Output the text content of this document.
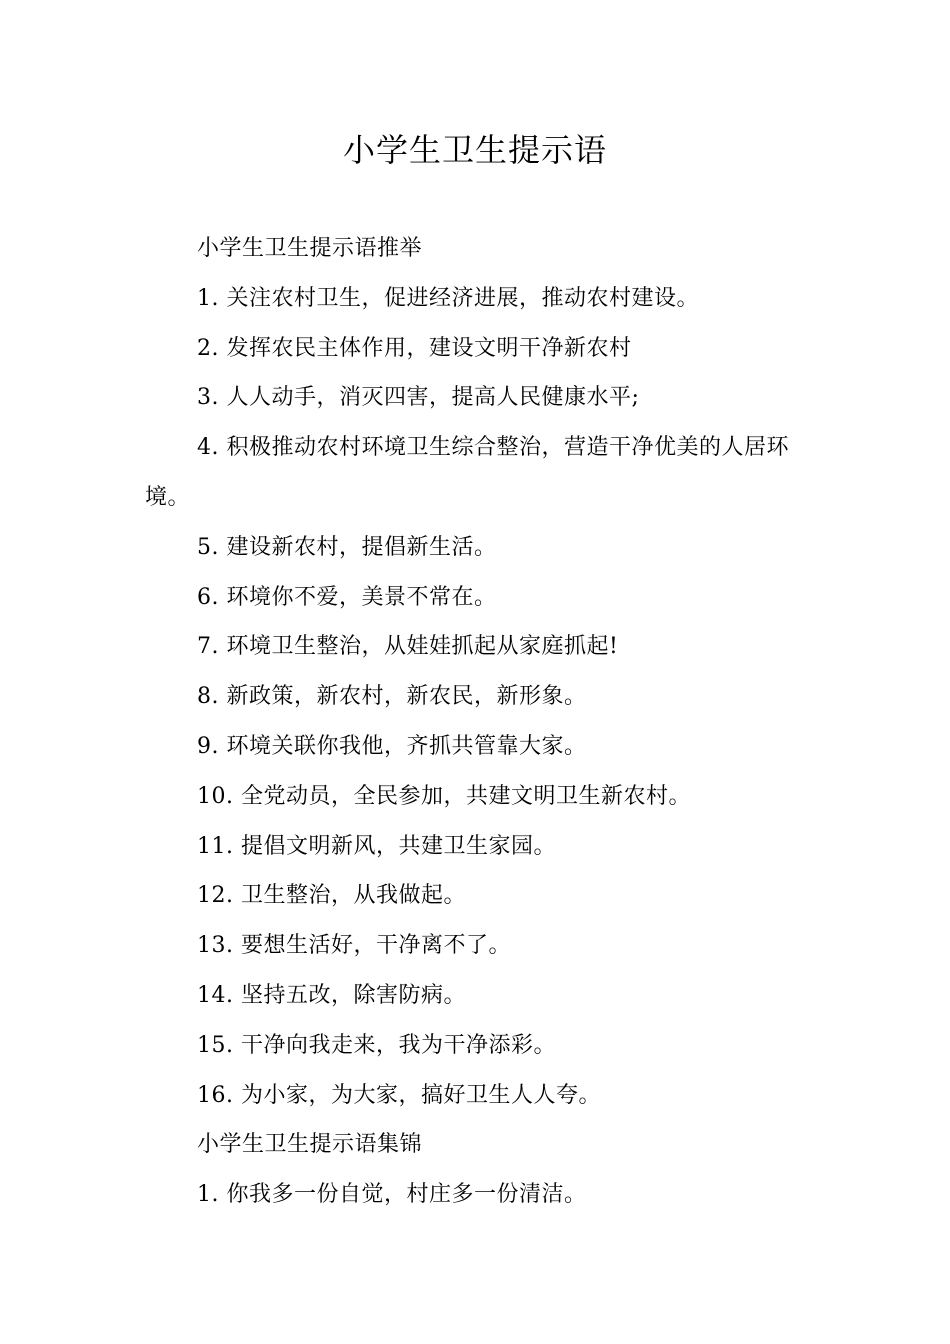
小学生卫生提示语

小学生卫生提示语推举

1. 关注农村卫生，促进经济进展，推动农村建设。

2. 发挥农民主体作用，建设文明干净新农村

3. 人人动手，消灭四害，提高人民健康水平;

4. 积极推动农村环境卫生综合整治，营造干净优美的人居环境。

5. 建设新农村，提倡新生活。

6. 环境你不爱，美景不常在。

7. 环境卫生整治，从娃娃抓起从家庭抓起!

8. 新政策，新农村，新农民，新形象。

9. 环境关联你我他，齐抓共管靠大家。

10. 全党动员，全民参加，共建文明卫生新农村。

11. 提倡文明新风，共建卫生家园。

12. 卫生整治，从我做起。

13. 要想生活好，干净离不了。

14. 坚持五改，除害防病。

15. 干净向我走来，我为干净添彩。

16. 为小家，为大家，搞好卫生人人夸。

小学生卫生提示语集锦

1. 你我多一份自觉，村庄多一份清洁。
